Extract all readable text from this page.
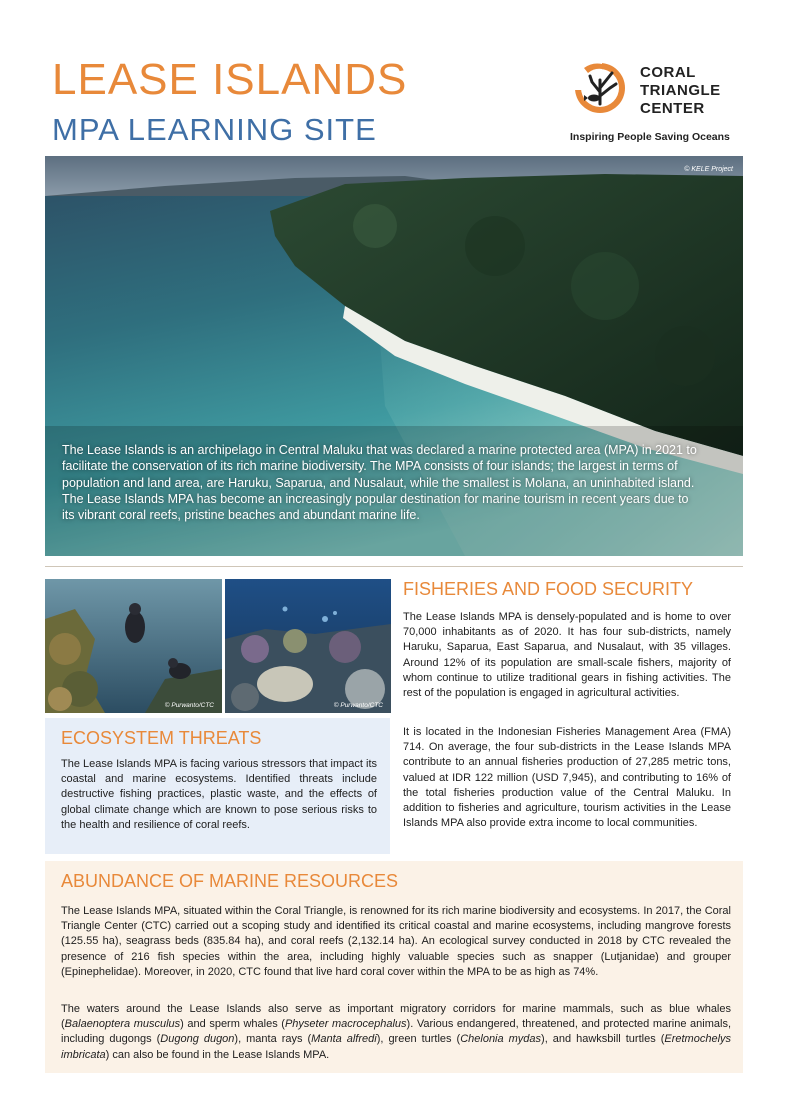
LEASE ISLANDS
MPA LEARNING SITE
CORAL
TRIANGLE
CENTER
Inspiring People Saving Oceans
© KELE Project
The Lease Islands is an archipelago in Central Maluku that was declared a marine protected area (MPA) in 2021 to facilitate the conservation of its rich marine biodiversity. The MPA consists of four islands; the largest in terms of population and land area, are Haruku, Saparua, and Nusalaut, while the smallest is Molana, an uninhabited island. The Lease Islands MPA has become an increasingly popular destination for marine tourism in recent years due to its vibrant coral reefs, pristine beaches and abundant marine life.
© Purwanto/CTC	© Purwanto/CTC
ECOSYSTEM THREATS

The Lease Islands MPA is facing various stressors that impact its coastal and marine ecosystems. Identified threats include destructive fishing practices, plastic waste, and the effects of global climate change which are known to pose serious risks to the health and resilience of coral reefs.

FISHERIES AND FOOD SECURITY

The Lease Islands MPA is densely-populated and is home to over 70,000 inhabitants as of 2020. It has four sub-districts, namely Haruku, Saparua, East Saparua, and Nusalaut, with 35 villages. Around 12% of its population are small-scale fishers, majority of whom continue to utilize traditional gears in fishing activities. The rest of the population is engaged in agricultural activities.

It is located in the Indonesian Fisheries Management Area (FMA) 714. On average, the four sub-districts in the Lease Islands MPA contribute to an annual fisheries production of 27,285 metric tons, valued at IDR 122 million (USD 7,945), and contributing to 16% of the total fisheries production value of the Central Maluku. In addition to fisheries and agriculture, tourism activities in the Lease Islands MPA also provide extra income to local communities.

ABUNDANCE OF MARINE RESOURCES

The Lease Islands MPA, situated within the Coral Triangle, is renowned for its rich marine biodiversity and ecosystems. In 2017, the Coral Triangle Center (CTC) carried out a scoping study and identified its critical coastal and marine ecosystems, including mangrove forests (125.55 ha), seagrass beds (835.84 ha), and coral reefs (2,132.14 ha). An ecological survey conducted in 2018 by CTC revealed the presence of 216 fish species within the area, including highly valuable species such as snapper (Lutjanidae) and grouper (Epinephelidae). Moreover, in 2020, CTC found that live hard coral cover within the MPA to be as high as 74%.

The waters around the Lease Islands also serve as important migratory corridors for marine mammals, such as blue whales (Balaenoptera musculus) and sperm whales (Physeter macrocephalus). Various endangered, threatened, and protected marine animals, including dugongs (Dugong dugon), manta rays (Manta alfredi), green turtles (Chelonia mydas), and hawksbill turtles (Eretmochelys imbricata) can also be found in the Lease Islands MPA.
